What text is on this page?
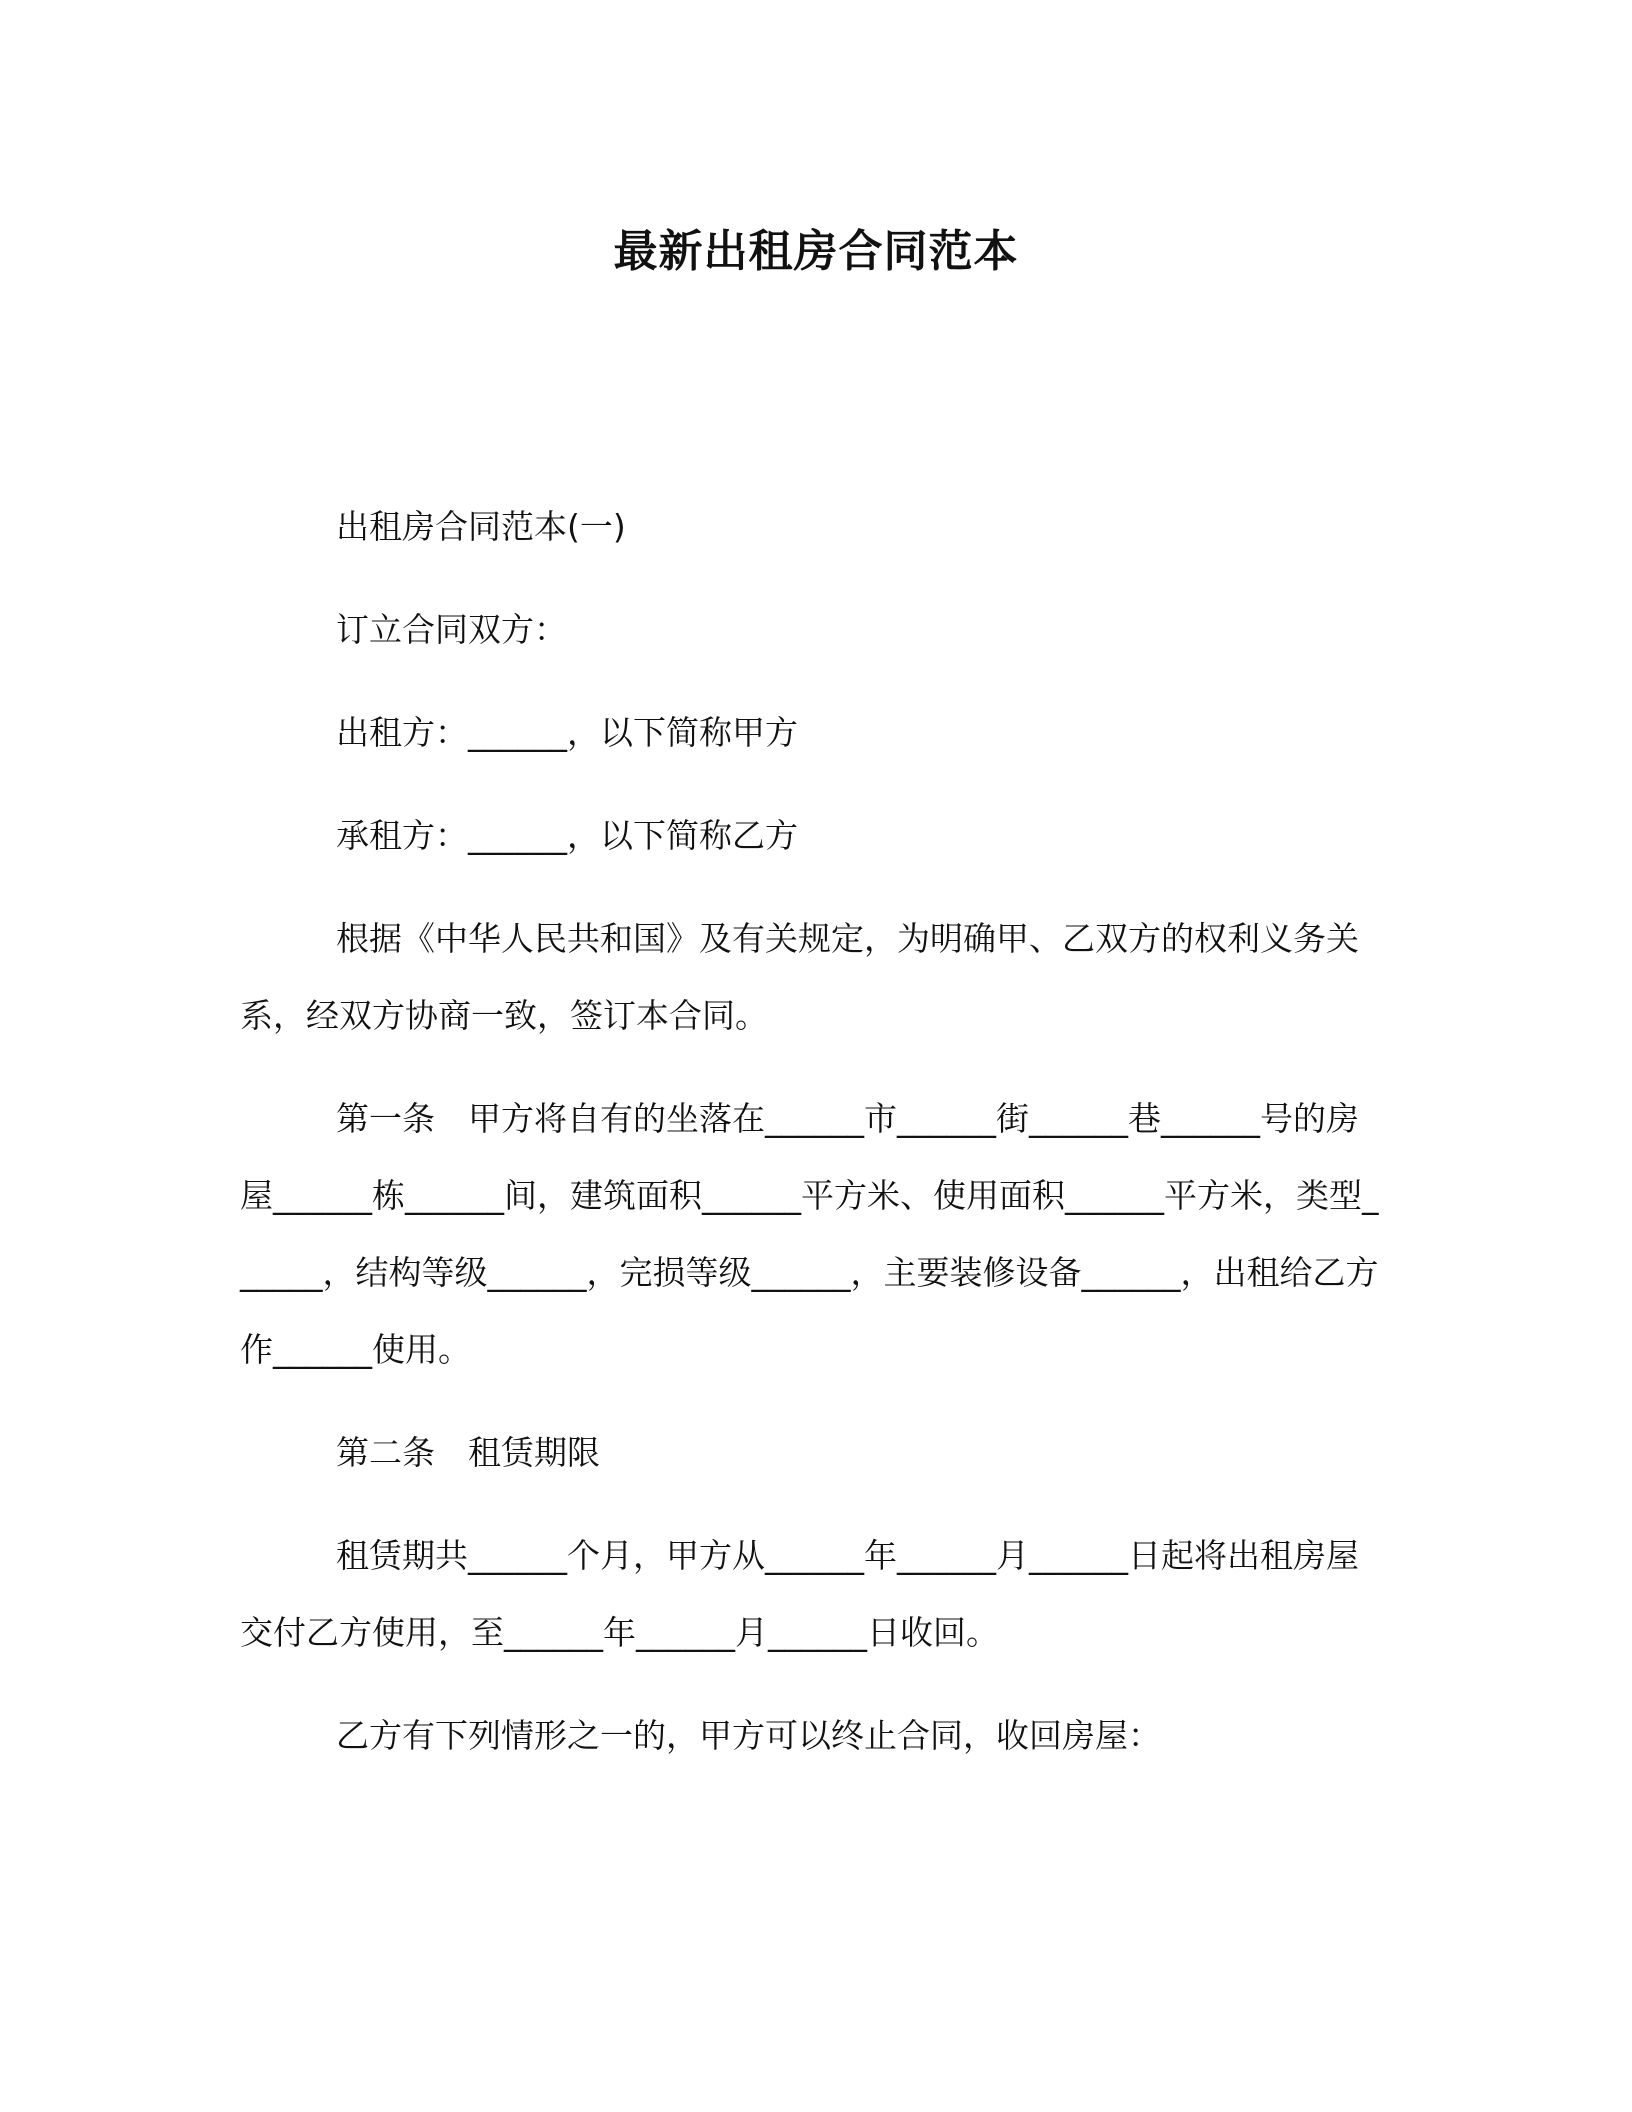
最新出租房合同范本

出租房合同范本(一)

订立合同双方：

出租方：______，以下简称甲方

承租方：______，以下简称乙方

根据《中华人民共和国》及有关规定，为明确甲、乙双方的权利义务关系，经双方协商一致，签订本合同。

第一条　甲方将自有的坐落在______市______街______巷______号的房屋______栋______间，建筑面积______平方米、使用面积______平方米，类型______，结构等级______，完损等级______，主要装修设备______，出租给乙方作______使用。

第二条　租赁期限

租赁期共______个月，甲方从______年______月______日起将出租房屋交付乙方使用，至______年______月______日收回。

乙方有下列情形之一的，甲方可以终止合同，收回房屋：
